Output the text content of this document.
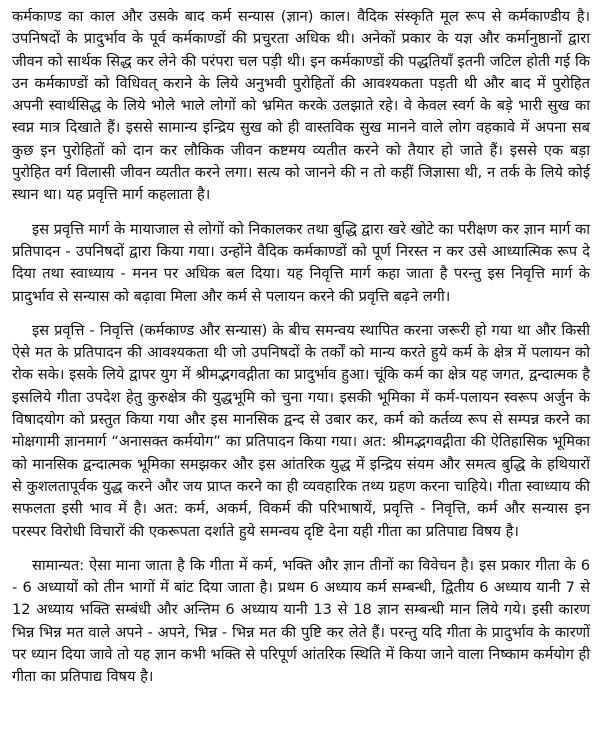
कर्मकाण्ड का काल और उसके बाद कर्म सन्यास (ज्ञान) काल। वैदिक संस्कृति मूल रूप से कर्मकाण्डीय है। उपनिषदों के प्रादुर्भाव के पूर्व कर्मकाण्डों की प्रचुरता अधिक थी। अनेकों प्रकार के यज्ञ और कर्मानुष्ठानों द्वारा जीवन को सार्थक सिद्ध कर लेने की परंपरा चल पड़ी थी। इन कर्मकाण्डों की पद्धतियाँ इतनी जटिल होती गई कि उन कर्मकाण्डों को विधिवत् कराने के लिये अनुभवी पुरोहितों की आवश्यकता पड़ती थी और बाद में पुरोहित अपनी स्वार्थसिद्ध के लिये भोले भाले लोगों को भ्रमित करके उलझाते रहे। वे केवल स्वर्ग के बड़े भारी सुख का स्वप्न मात्र दिखाते हैं। इससे सामान्य इन्द्रिय सुख को ही वास्तविक सुख मानने वाले लोग वहकावे में अपना सब कुछ इन पुरोहितों को दान कर लौकिक जीवन कष्टमय व्यतीत करने को तैयार हो जाते हैं। इससे एक बड़ा पुरोहित वर्ग विलासी जीवन व्यतीत करने लगा। सत्य को जानने की न तो कहीं जिज्ञासा थी, न तर्क के लिये कोई स्थान था। यह प्रवृत्ति मार्ग कहलाता है।

इस प्रवृत्ति मार्ग के मायाजाल से लोगों को निकालकर तथा बुद्धि द्वारा खरे खोटे का परीक्षण कर ज्ञान मार्ग का प्रतिपादन - उपनिषदों द्वारा किया गया। उन्होंने वैदिक कर्मकाण्डों को पूर्ण निरस्त न कर उसे आध्यात्मिक रूप दे दिया तथा स्वाध्याय - मनन पर अधिक बल दिया। यह निवृत्ति मार्ग कहा जाता है परन्तु इस निवृत्ति मार्ग के प्रादुर्भाव से सन्यास को बढ़ावा मिला और कर्म से पलायन करने की प्रवृत्ति बढ़ने लगी।

इस प्रवृत्ति - निवृत्ति (कर्मकाण्ड और सन्यास) के बीच समन्वय स्थापित करना जरूरी हो गया था और किसी ऐसे मत के प्रतिपादन की आवश्यकता थी जो उपनिषदों के तर्कों को मान्य करते हुये कर्म के क्षेत्र में पलायन को रोक सके। इसके लिये द्वापर युग में श्रीमद्भगवद्गीता का प्रादुर्भाव हुआ। चूंकि कर्म का क्षेत्र यह जगत, द्वन्दात्मक है इसलिये गीता उपदेश हेतु कुरुक्षेत्र की युद्धभूमि को चुना गया। इसकी भूमिका में कर्म-पलायन स्वरूप अर्जुन के विषादयोग को प्रस्तुत किया गया और इस मानसिक द्वन्द से उबार कर, कर्म को कर्तव्य रूप से सम्पन्न करने का मोक्षगामी ज्ञानमार्ग “अनासक्त कर्मयोग” का प्रतिपादन किया गया। अत: श्रीमद्भगवद्गीता की ऐतिहासिक भूमिका को मानसिक द्वन्दात्मक भूमिका समझकर और इस आंतरिक युद्ध में इन्द्रिय संयम और समत्व बुद्धि के हथियारों से कुशलतापूर्वक युद्ध करने और जय प्राप्त करने का ही व्यवहारिक तथ्य ग्रहण करना चाहिये। गीता स्वाध्याय की सफलता इसी भाव में है। अत: कर्म, अकर्म, विकर्म की परिभाषायें, प्रवृत्ति - निवृत्ति, कर्म और सन्यास इन परस्पर विरोधी विचारों की एकरूपता दर्शाते हुये समन्वय दृष्टि देना यही गीता का प्रतिपाद्य विषय है।

सामान्यत: ऐसा माना जाता है कि गीता में कर्म, भक्ति और ज्ञान तीनों का विवेचन है। इस प्रकार गीता के 6 - 6 अध्यायों को तीन भागों में बांट दिया जाता है। प्रथम 6 अध्याय कर्म सम्बन्धी, द्वितीय 6 अध्याय यानी 7 से 12 अध्याय भक्ति सम्बंधी और अन्तिम 6 अध्याय यानी 13 से 18 ज्ञान सम्बन्धी मान लिये गये। इसी कारण भिन्न भिन्न मत वाले अपने - अपने, भिन्न - भिन्न मत की पुष्टि कर लेते हैं। परन्तु यदि गीता के प्रादुर्भाव के कारणों पर ध्यान दिया जावे तो यह ज्ञान कभी भक्ति से परिपूर्ण आंतरिक स्थिति में किया जाने वाला निष्काम कर्मयोग ही गीता का प्रतिपाद्य विषय है।
